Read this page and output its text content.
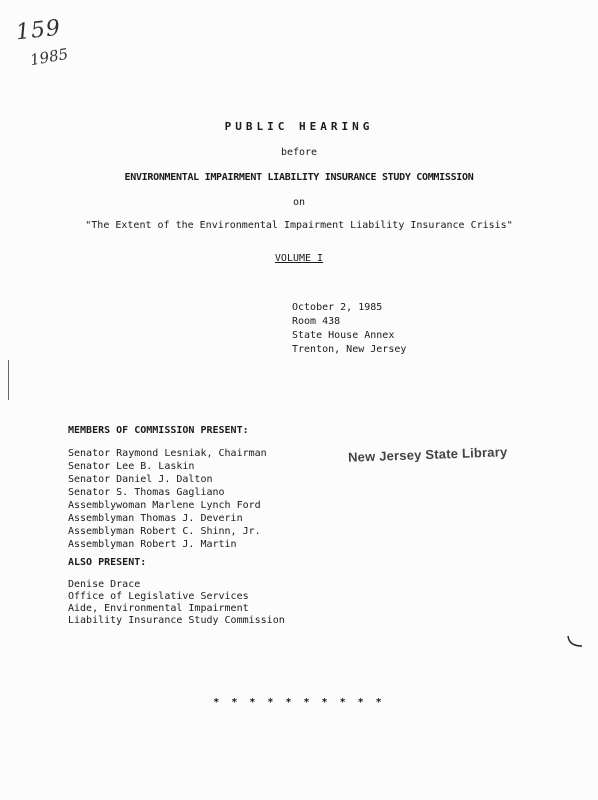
159
1985
PUBLIC HEARING
before
ENVIRONMENTAL IMPAIRMENT LIABILITY INSURANCE STUDY COMMISSION
on
"The Extent of the Environmental Impairment Liability Insurance Crisis"
VOLUME I
October 2, 1985
Room 438
State House Annex
Trenton, New Jersey
MEMBERS OF COMMISSION PRESENT:
Senator Raymond Lesniak, Chairman
Senator Lee B. Laskin
Senator Daniel J. Dalton
Senator S. Thomas Gagliano
Assemblywoman Marlene Lynch Ford
Assemblyman Thomas J. Deverin
Assemblyman Robert C. Shinn, Jr.
Assemblyman Robert J. Martin
New Jersey State Library
ALSO PRESENT:
Denise Drace
Office of Legislative Services
Aide, Environmental Impairment
Liability Insurance Study Commission
* * * * * * * * * *
